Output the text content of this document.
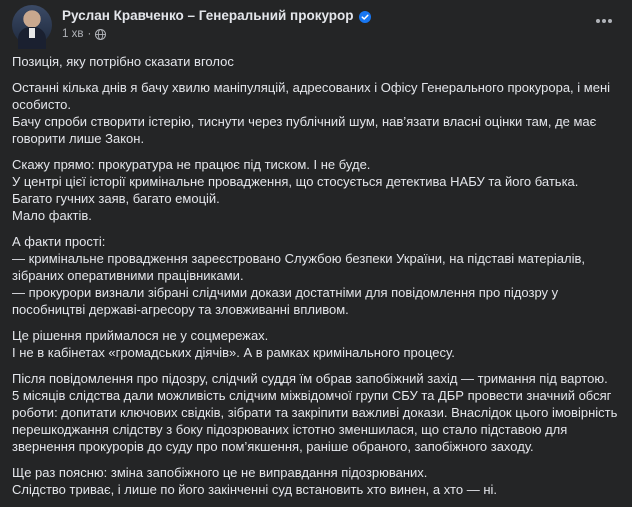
Руслан Кравченко – Генеральний прокурор
1 хв ·
Позиція, яку потрібно сказати вголос
Останні кілька днів я бачу хвилю маніпуляцій, адресованих і Офісу Генерального прокурора, і мені особисто.
Бачу спроби створити істерію, тиснути через публічний шум, нав’язати власні оцінки там, де має говорити лише Закон.
Скажу прямо: прокуратура не працює під тиском. І не буде.
У центрі цієї історії кримінальне провадження, що стосується детектива НАБУ та його батька.
Багато гучних заяв, багато емоцій.
Мало фактів.
А факти прості:
— кримінальне провадження зареєстровано Службою безпеки України, на підставі матеріалів, зібраних оперативними працівниками.
— прокурори визнали зібрані слідчими докази достатніми для повідомлення про підозру у пособництві державі-агресору та зловживанні впливом.
Це рішення приймалося не у соцмережах.
І не в кабінетах «громадських діячів». А в рамках кримінального процесу.
Після повідомлення про підозру, слідчий суддя їм обрав запобіжний захід — тримання під вартою.
5 місяців слідства дали можливість слідчим міжвідомчої групи СБУ та ДБР провести значний обсяг роботи: допитати ключових свідків, зібрати та закріпити важливі докази. Внаслідок цього імовірність перешкоджання слідству з боку підозрюваних істотно зменшилася, що стало підставою для звернення прокурорів до суду про пом’якшення, раніше обраного, запобіжного заходу.
Ще раз поясню: зміна запобіжного це не виправдання підозрюваних.
Слідство триває, і лише по його закінченні суд встановить хто винен, а хто — ні.
